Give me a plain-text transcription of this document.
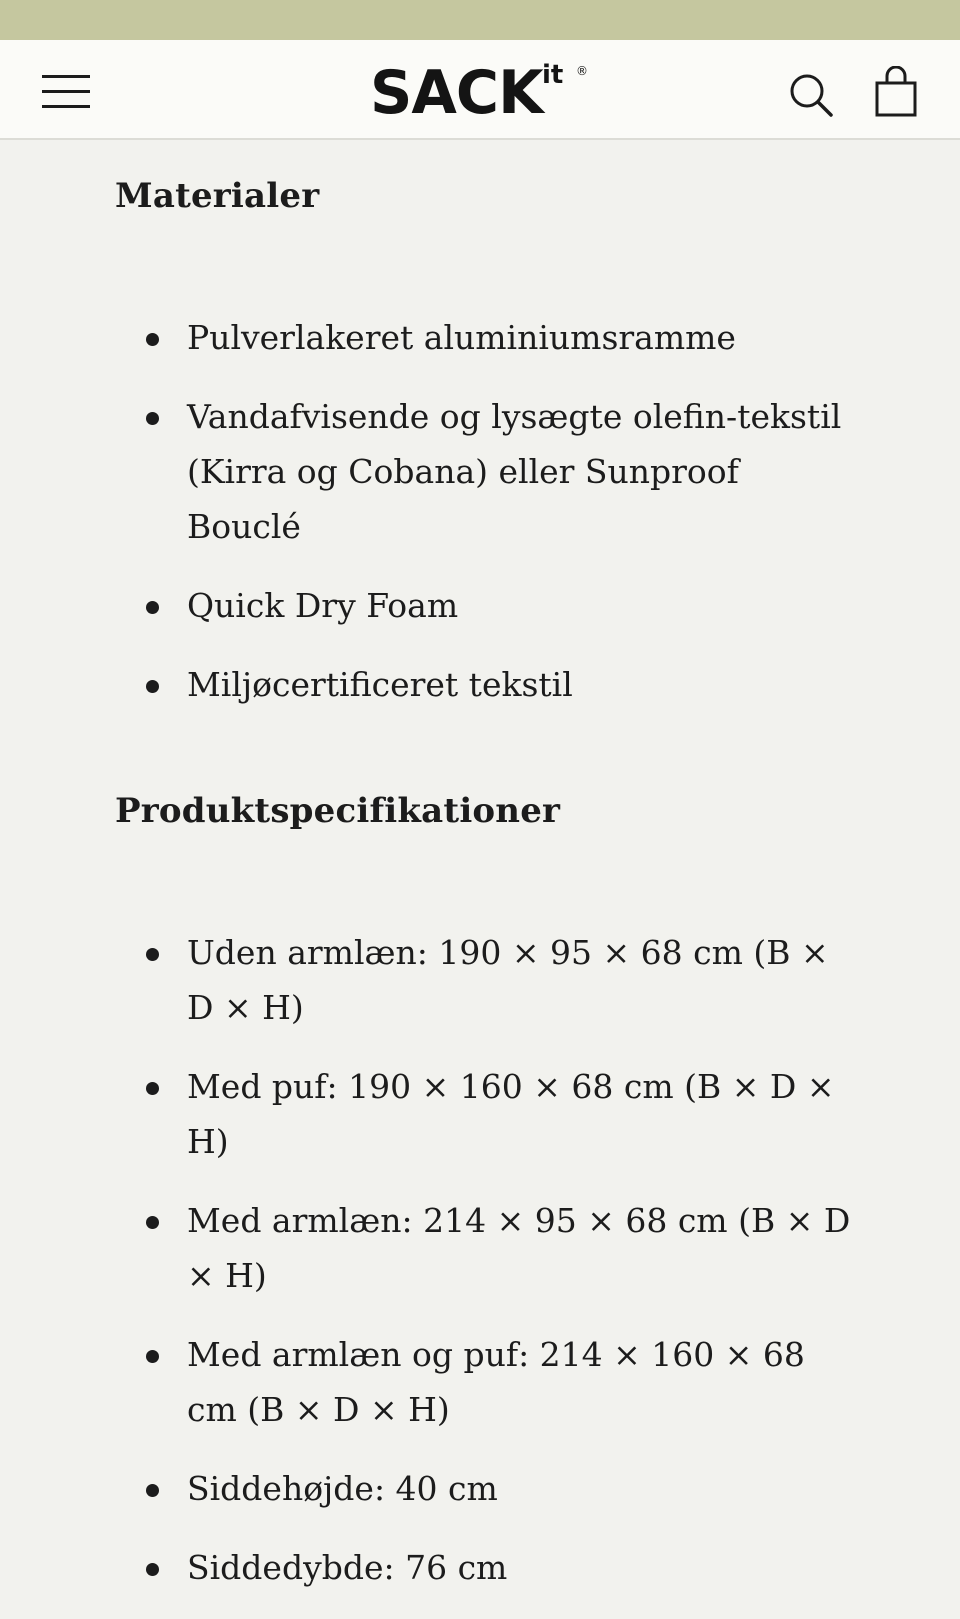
SACK it ®
Materialer
Pulverlakeret aluminiumsramme
Vandafvisende og lysægte olefin-tekstil (Kirra og Cobana) eller Sunproof Bouclé
Quick Dry Foam
Miljøcertificeret tekstil
Produktspecifikationer
Uden armlæn: 190 × 95 × 68 cm (B × D × H)
Med puf: 190 × 160 × 68 cm (B × D × H)
Med armlæn: 214 × 95 × 68 cm (B × D × H)
Med armlæn og puf: 214 × 160 × 68 cm (B × D × H)
Siddehøjde: 40 cm
Siddedybde: 76 cm
